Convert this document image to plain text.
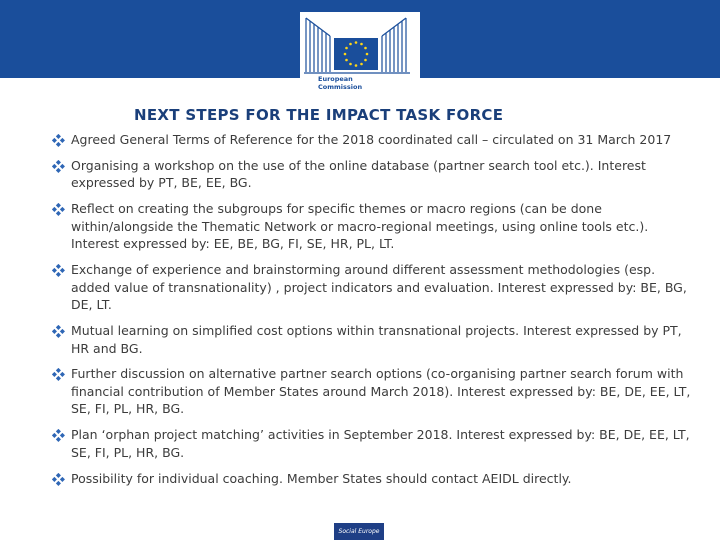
European
Commission
NEXT STEPS FOR THE IMPACT TASK FORCE
Agreed General Terms of Reference for the 2018 coordinated call – circulated on 31 March 2017
Organising a workshop on the use of the online database (partner search tool etc.). Interest expressed by PT, BE, EE, BG.
Reflect on creating the subgroups for specific themes or macro regions (can be done within/alongside the Thematic Network or macro-regional meetings, using online tools etc.). Interest expressed by: EE, BE, BG, FI, SE, HR, PL, LT.
Exchange of experience and brainstorming around different assessment methodologies (esp. added value of transnationality) , project indicators and evaluation. Interest expressed by: BE, BG, DE, LT.
Mutual learning on simplified cost options within transnational projects. Interest expressed by PT, HR and BG.
Further discussion on alternative partner search options (co-organising partner search forum with financial contribution of Member States around March 2018). Interest expressed by: BE, DE, EE, LT, SE, FI, PL, HR, BG.
Plan ‘orphan project matching’ activities in September 2018. Interest expressed by: BE, DE, EE, LT, SE, FI, PL, HR, BG.
Possibility for individual coaching. Member States should contact AEIDL directly.
Social Europe
